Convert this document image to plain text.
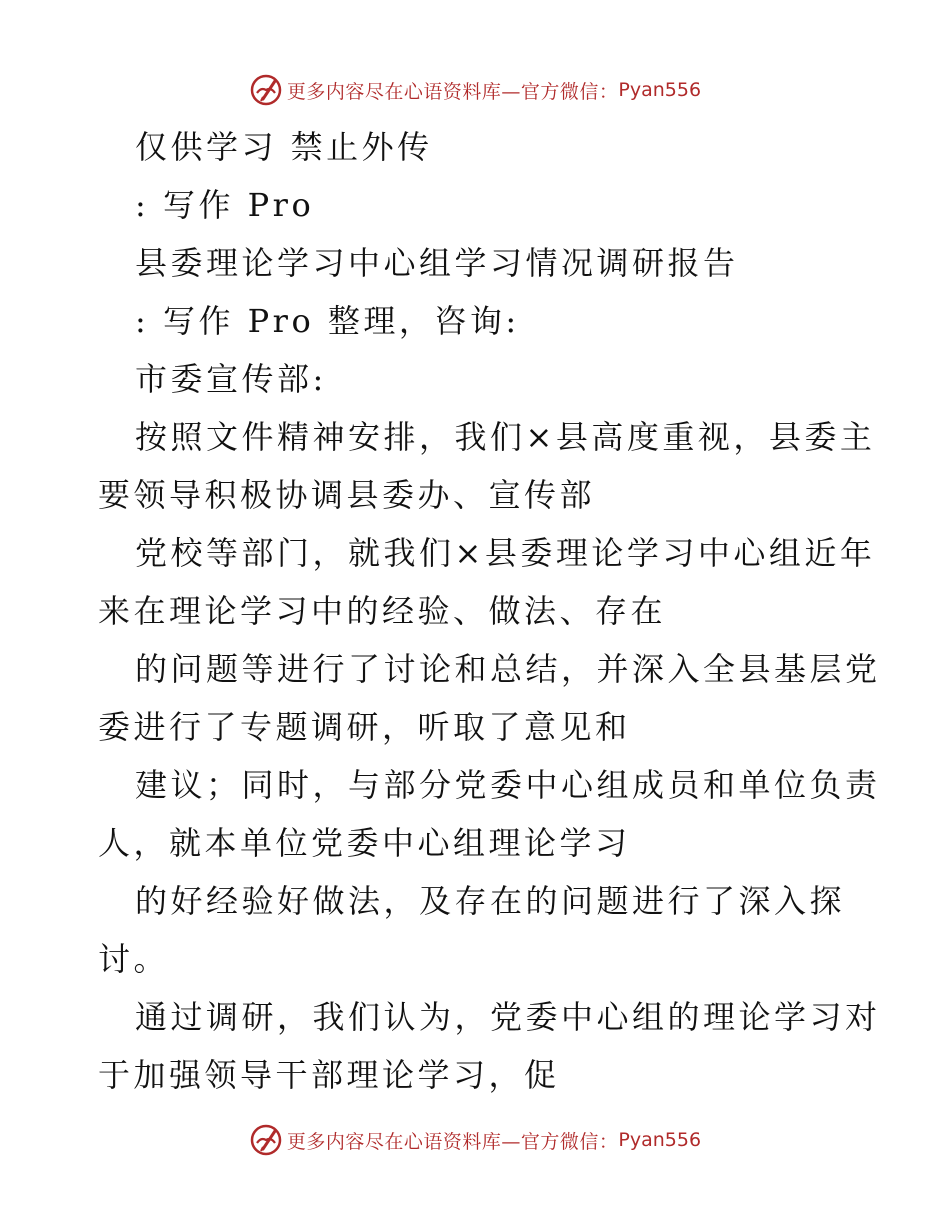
更多内容尽在心语资料库—官方微信： Pyan556
仅供学习 禁止外传
: 写作 Pro
县委理论学习中心组学习情况调研报告
: 写作 Pro 整理，咨询:
市委宣传部:
按照文件精神安排，我们×县高度重视，县委主
要领导积极协调县委办、宣传部
党校等部门，就我们×县委理论学习中心组近年
来在理论学习中的经验、做法、存在
的问题等进行了讨论和总结，并深入全县基层党
委进行了专题调研，听取了意见和
建议；同时，与部分党委中心组成员和单位负责
人，就本单位党委中心组理论学习
的好经验好做法，及存在的问题进行了深入探
讨。
通过调研，我们认为，党委中心组的理论学习对
于加强领导干部理论学习，促
更多内容尽在心语资料库—官方微信： Pyan556
